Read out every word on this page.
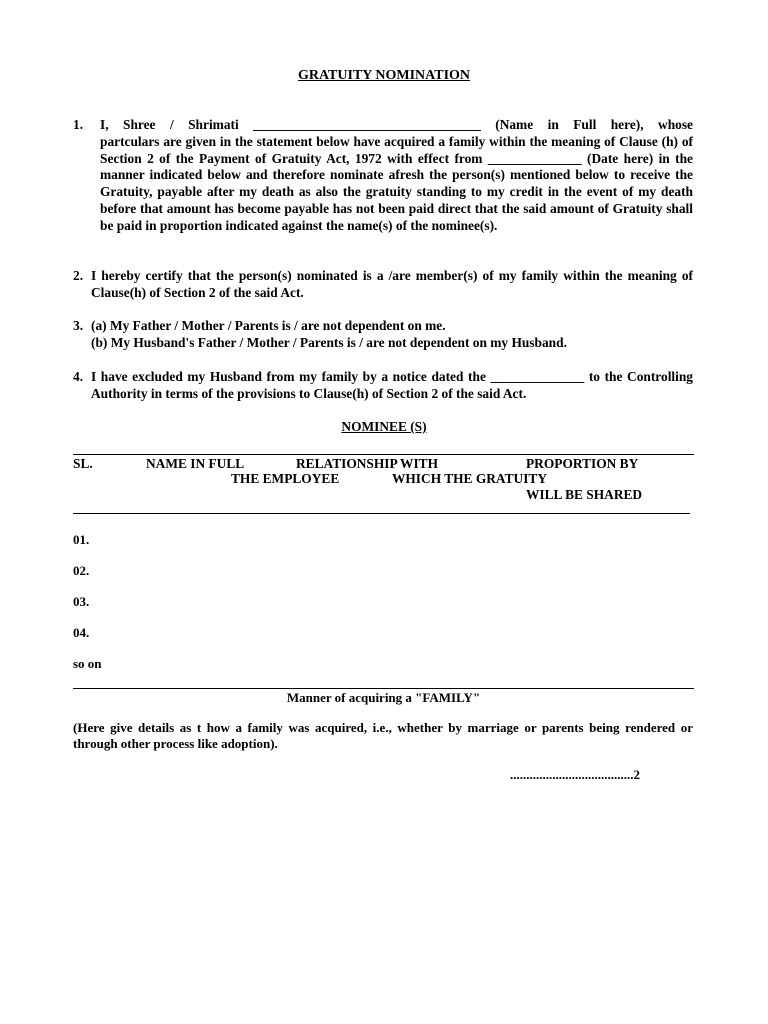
GRATUITY NOMINATION
1. I, Shree / Shrimati __________________________________ (Name in Full here), whose
partculars are given in the statement below have acquired a family within the meaning of Clause (h) of Section 2 of the Payment of Gratuity Act, 1972 with effect from ______________ (Date here) in the manner indicated below and therefore nominate afresh the person(s) mentioned below to receive the Gratuity, payable after my death as also the gratuity standing to my credit in the event of my death before that amount has become payable has not been paid direct that the said amount of Gratuity shall be paid in proportion indicated against the name(s) of the nominee(s).
2. I hereby certify that the person(s) nominated is a /are member(s) of my family within the meaning of Clause(h) of Section 2 of the said Act.
3. (a) My Father / Mother / Parents is / are not dependent on me.
(b) My Husband's Father / Mother / Parents is / are not dependent on my Husband.
4. I have excluded my Husband from my family by a notice dated the ______________ to the Controlling Authority in terms of the provisions to Clause(h) of Section 2 of the said Act.
NOMINEE (S)
SL.	NAME IN FULL	RELATIONSHIP WITH
THE EMPLOYEE
PROPORTION BY
WHICH THE GRATUITY
WILL BE SHARED
01.
02.
03.
04.
so on
Manner of acquiring a "FAMILY"
(Here give details as t how a family was acquired, i.e., whether by marriage or parents being rendered or through other process like adoption).
......................................2
